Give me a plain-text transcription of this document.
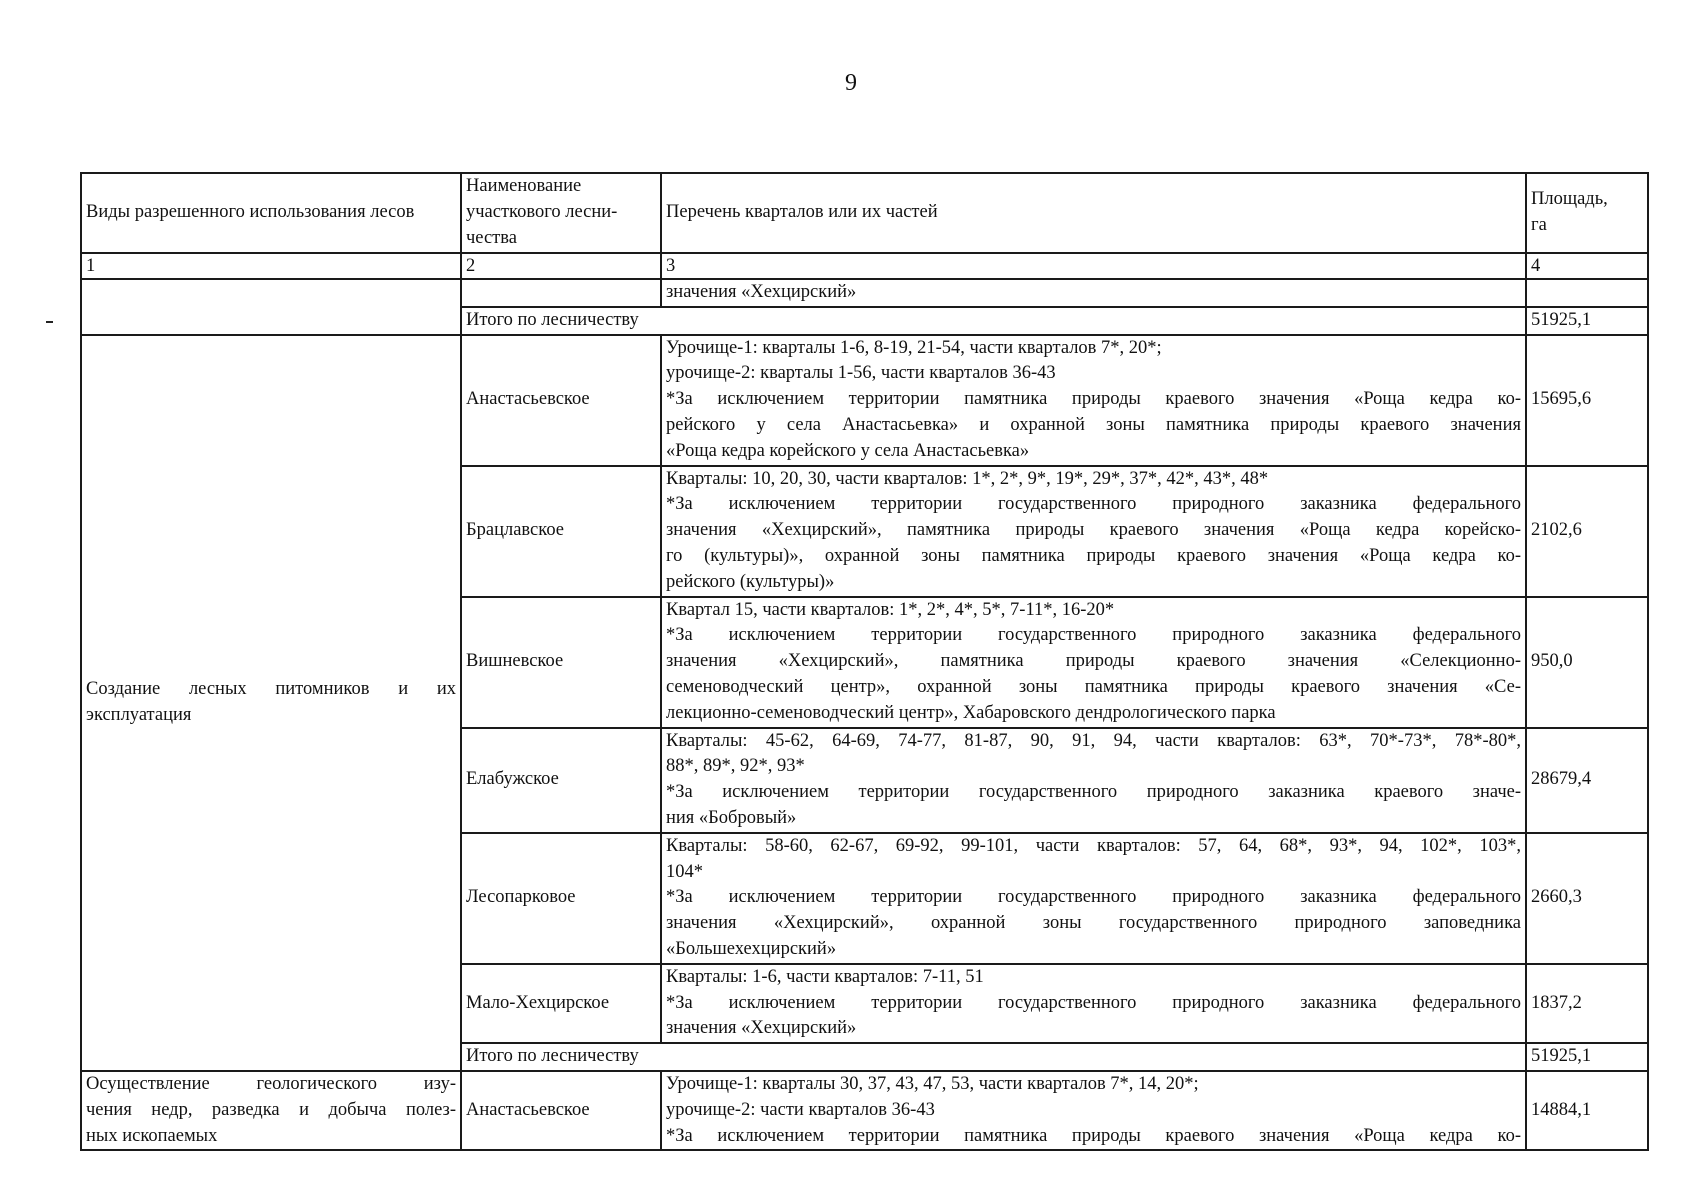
9
Виды разрешенного использования лесов	Наименование
участкового лесни-
чества	Перечень кварталов или их частей	Площадь,
га

1	2	3	4
		значения «Хехцирский»	
	Итого по лесничеству		51925,1

Создание лесных питомников и их
эксплуатация	Анастасьевское	Урочище-1: кварталы 1-6, 8-19, 21-54, части кварталов 7*, 20*;
урочище-2: кварталы 1-56, части кварталов 36-43
*За исключением территории памятника природы краевого значения «Роща кедра ко-
рейского у села Анастасьевка» и охранной зоны памятника природы краевого значения
«Роща кедра корейского у села Анастасьевка»	15695,6
	Брацлавское	Кварталы: 10, 20, 30, части кварталов: 1*, 2*, 9*, 19*, 29*, 37*, 42*, 43*, 48*
*За исключением территории государственного природного заказника федерального
значения «Хехцирский», памятника природы краевого значения «Роща кедра корейско-
го (культуры)», охранной зоны памятника природы краевого значения «Роща кедра ко-
рейского (культуры)»	2102,6
	Вишневское	Квартал 15, части кварталов: 1*, 2*, 4*, 5*, 7-11*, 16-20*
*За исключением территории государственного природного заказника федерального
значения «Хехцирский», памятника природы краевого значения «Селекционно-
семеноводческий центр», охранной зоны памятника природы краевого значения «Се-
лекционно-семеноводческий центр», Хабаровского дендрологического парка	950,0
	Елабужское	Кварталы: 45-62, 64-69, 74-77, 81-87, 90, 91, 94, части кварталов: 63*, 70*-73*, 78*-80*,
88*, 89*, 92*, 93*
*За исключением территории государственного природного заказника краевого значе-
ния «Бобровый»	28679,4
	Лесопарковое	Кварталы: 58-60, 62-67, 69-92, 99-101, части кварталов: 57, 64, 68*, 93*, 94, 102*, 103*,
104*
*За исключением территории государственного природного заказника федерального
значения «Хехцирский», охранной зоны государственного природного заповедника
«Большехехцирский»	2660,3
	Мало-Хехцирское	Кварталы: 1-6, части кварталов: 7-11, 51
*За исключением территории государственного природного заказника федерального
значения «Хехцирский»	1837,2
	Итого по лесничеству		51925,1

Осуществление геологического изу-
чения недр, разведка и добыча полез-
ных ископаемых	Анастасьевское	Урочище-1: кварталы 30, 37, 43, 47, 53, части кварталов 7*, 14, 20*;
урочище-2: части кварталов 36-43
*За исключением территории памятника природы краевого значения «Роща кедра ко-	14884,1
